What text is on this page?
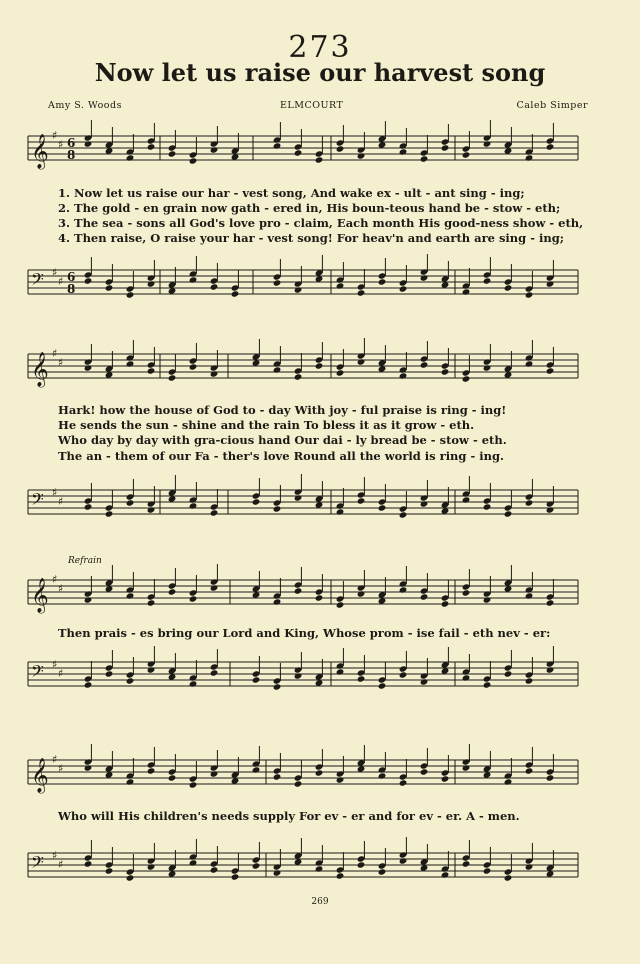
273
Now let us raise our harvest song
Amy S. Woods	ELMCOURT	Caleb Simper
𝄞 ♯
♯ 6
8
1. Now let us raise our har - vest song, And wake ex - ult - ant sing - ing;
2. The gold - en grain now gath - ered in, His boun-teous hand be - stow - eth;
3. The sea - sons all God's love pro - claim, Each month His good-ness show - eth,
4. Then raise, O raise your har - vest song! For heav'n and earth are sing - ing;
𝄢 ♯
♯ 6
8
𝄞 ♯
♯
Hark! how the house of God to - day With joy - ful praise is ring - ing!
He sends the sun - shine and the rain To bless it as it grow - eth.
Who day by day with gra-cious hand Our dai - ly bread be - stow - eth.
The an - them of our Fa - ther's love Round all the world is ring - ing.
𝄢 ♯
♯
Refrain
𝄞 ♯
♯
Then prais - es bring our Lord and King, Whose prom - ise fail - eth nev - er:
𝄢 ♯
♯
𝄞 ♯
♯
Who will His children's needs supply For ev - er and for ev - er. A - men.
𝄢 ♯
♯
269
